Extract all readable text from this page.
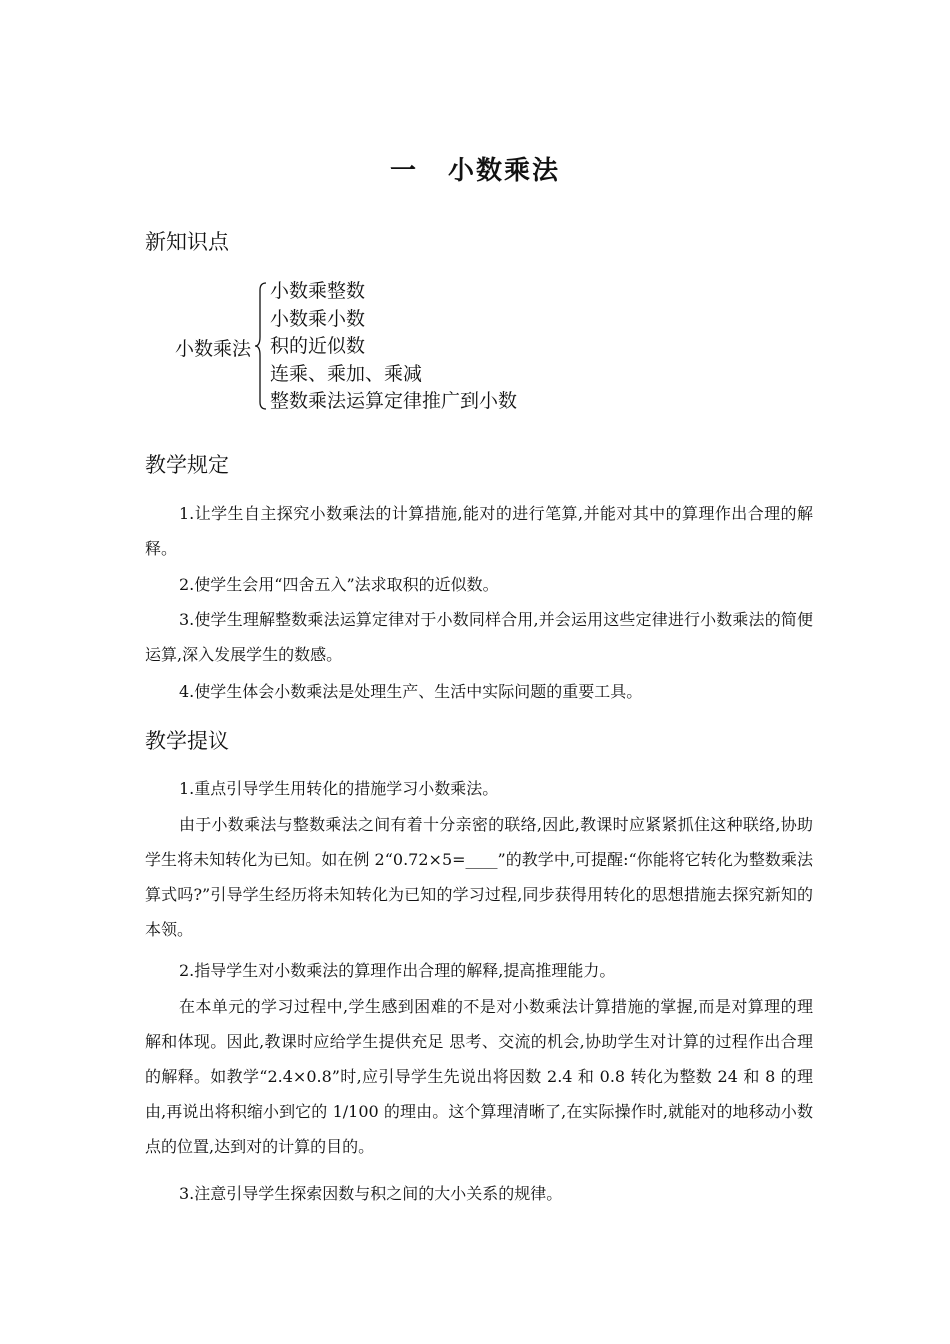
一 小数乘法
新知识点
小数乘法
小数乘整数
小数乘小数
积的近似数
连乘、乘加、乘减
整数乘法运算定律推广到小数
教学规定
1.让学生自主探究小数乘法的计算措施,能对的进行笔算,并能对其中的算理作出合理的解释。
2.使学生会用“四舍五入”法求取积的近似数。
3.使学生理解整数乘法运算定律对于小数同样合用,并会运用这些定律进行小数乘法的简便运算,深入发展学生的数感。
4.使学生体会小数乘法是处理生产、生活中实际问题的重要工具。
教学提议
1.重点引导学生用转化的措施学习小数乘法。
由于小数乘法与整数乘法之间有着十分亲密的联络,因此,教课时应紧紧抓住这种联络,协助学生将未知转化为已知。如在例 2“0.72×5=____”的教学中,可提醒:“你能将它转化为整数乘法算式吗?”引导学生经历将未知转化为已知的学习过程,同步获得用转化的思想措施去探究新知的本领。
2.指导学生对小数乘法的算理作出合理的解释,提高推理能力。
在本单元的学习过程中,学生感到困难的不是对小数乘法计算措施的掌握,而是对算理的理解和体现。因此,教课时应给学生提供充足 思考、交流的机会,协助学生对计算的过程作出合理的解释。如教学“2.4×0.8”时,应引导学生先说出将因数 2.4 和 0.8 转化为整数 24 和 8 的理由,再说出将积缩小到它的 1/100 的理由。这个算理清晰了,在实际操作时,就能对的地移动小数点的位置,达到对的计算的目的。
3.注意引导学生探索因数与积之间的大小关系的规律。
